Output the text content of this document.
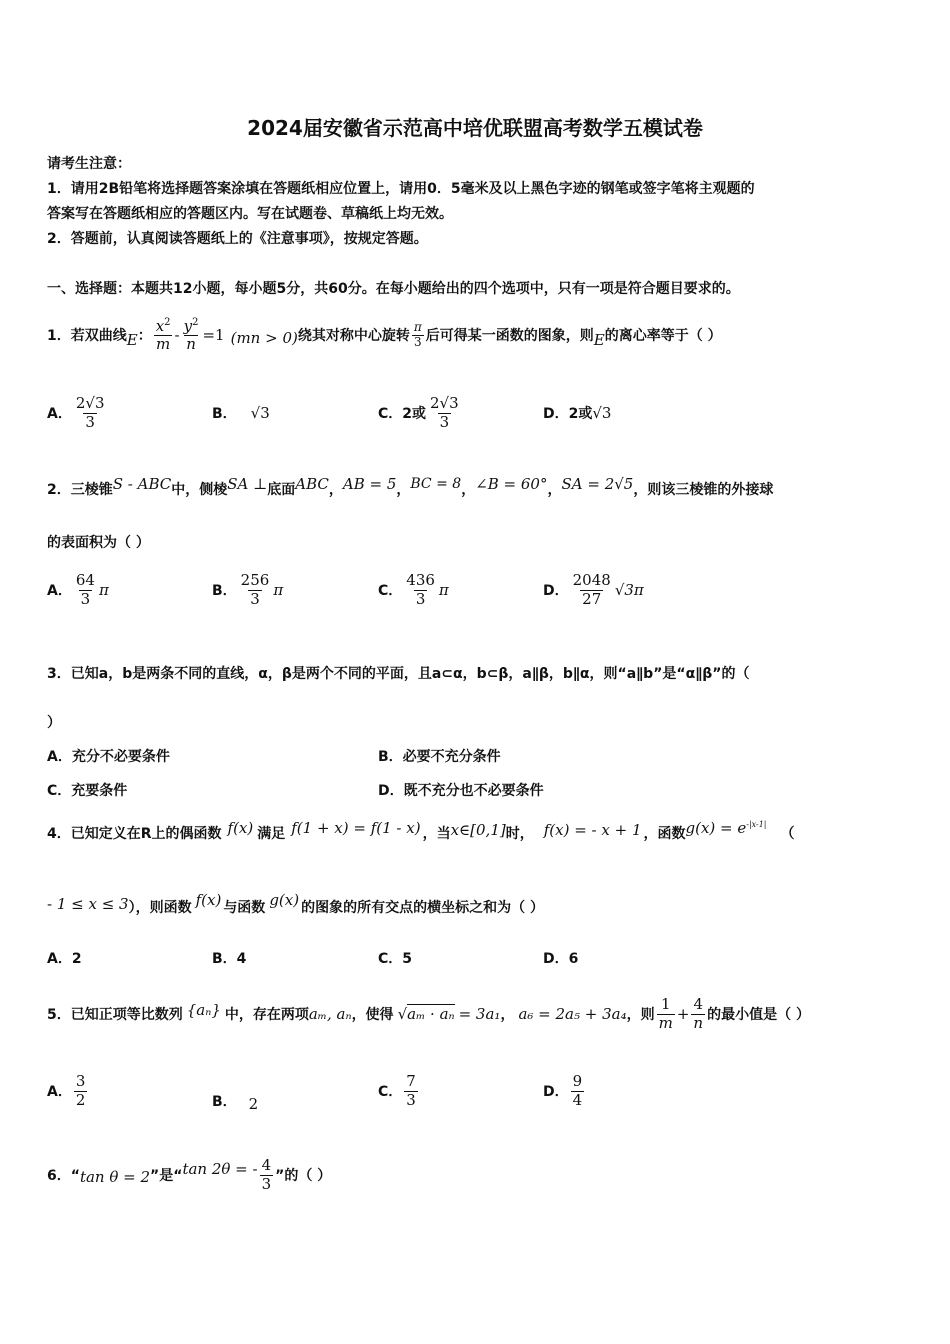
2024届安徽省示范高中培优联盟高考数学五模试卷
请考生注意：
1．请用2B铅笔将选择题答案涂填在答题纸相应位置上，请用0．5毫米及以上黑色字迹的钢笔或签字笔将主观题的
答案写在答题纸相应的答题区内。写在试题卷、草稿纸上均无效。
2．答题前，认真阅读答题纸上的《注意事项》，按规定答题。
一、选择题：本题共12小题，每小题5分，共60分。在每小题给出的四个选项中，只有一项是符合题目要求的。
1．若双曲线 E ： $\frac{x^2}{m} - \frac{y^2}{n} =1$ (mn > 0) 绕其对称中心旋转 $\frac{\pi}{3}$ 后可得某一函数的图象，则 E 的离心率等于（ ）
A． $\frac{2√3}{3}$	B． √3	C．2或 $\frac{2√3}{3}$	D．2或 √3
2．三棱锥 S - ABC 中，侧棱 SA ⊥ 底面 ABC ， AB = 5 ， BC = 8 ， ∠B = 60° ， SA = 2√5 ，则该三棱锥的外接球
的表面积为（ ）
A． $\frac{64}{3}$ π	B． $\frac{256}{3}$ π	C． $\frac{436}{3}$ π	D． $\frac{2048}{27} √3\pi$
3．已知a，b是两条不同的直线，α，β是两个不同的平面，且a⊂α，b⊂β，a∥β，b∥α，则“a∥b”是“α∥β”的（
）
A．充分不必要条件	B．必要不充分条件
C．充要条件	D．既不充分也不必要条件
4．已知定义在R上的偶函数 f(x) 满足 f(1 + x) = f(1 - x) ，当 x∈[0,1] 时， f(x) = - x + 1 ，函数 $g(x) = e^{-|x-1|}$
（
- 1 ≤ x ≤ 3 ），则函数 f(x) 与函数 g(x) 的图象的所有交点的横坐标之和为（ ）
A．2	B．4	C．5	D．6
5．已知正项等比数列 {aₙ} 中，存在两项 aₘ, aₙ ，使得 √aₘ · aₙ = 3a₁ ， a₆ = 2a₅ + 3a₄ ，则 $\frac{1}{m} + \frac{4}{n}$ 的最小值是（ ）
A． $\frac{3}{2}$	B． 2
C． $\frac{7}{3}$	D． $\frac{9}{4}$
6．“ tan θ = 2 ”是“ tan 2θ = - $\frac{4}{3}$ ”的（ ）
